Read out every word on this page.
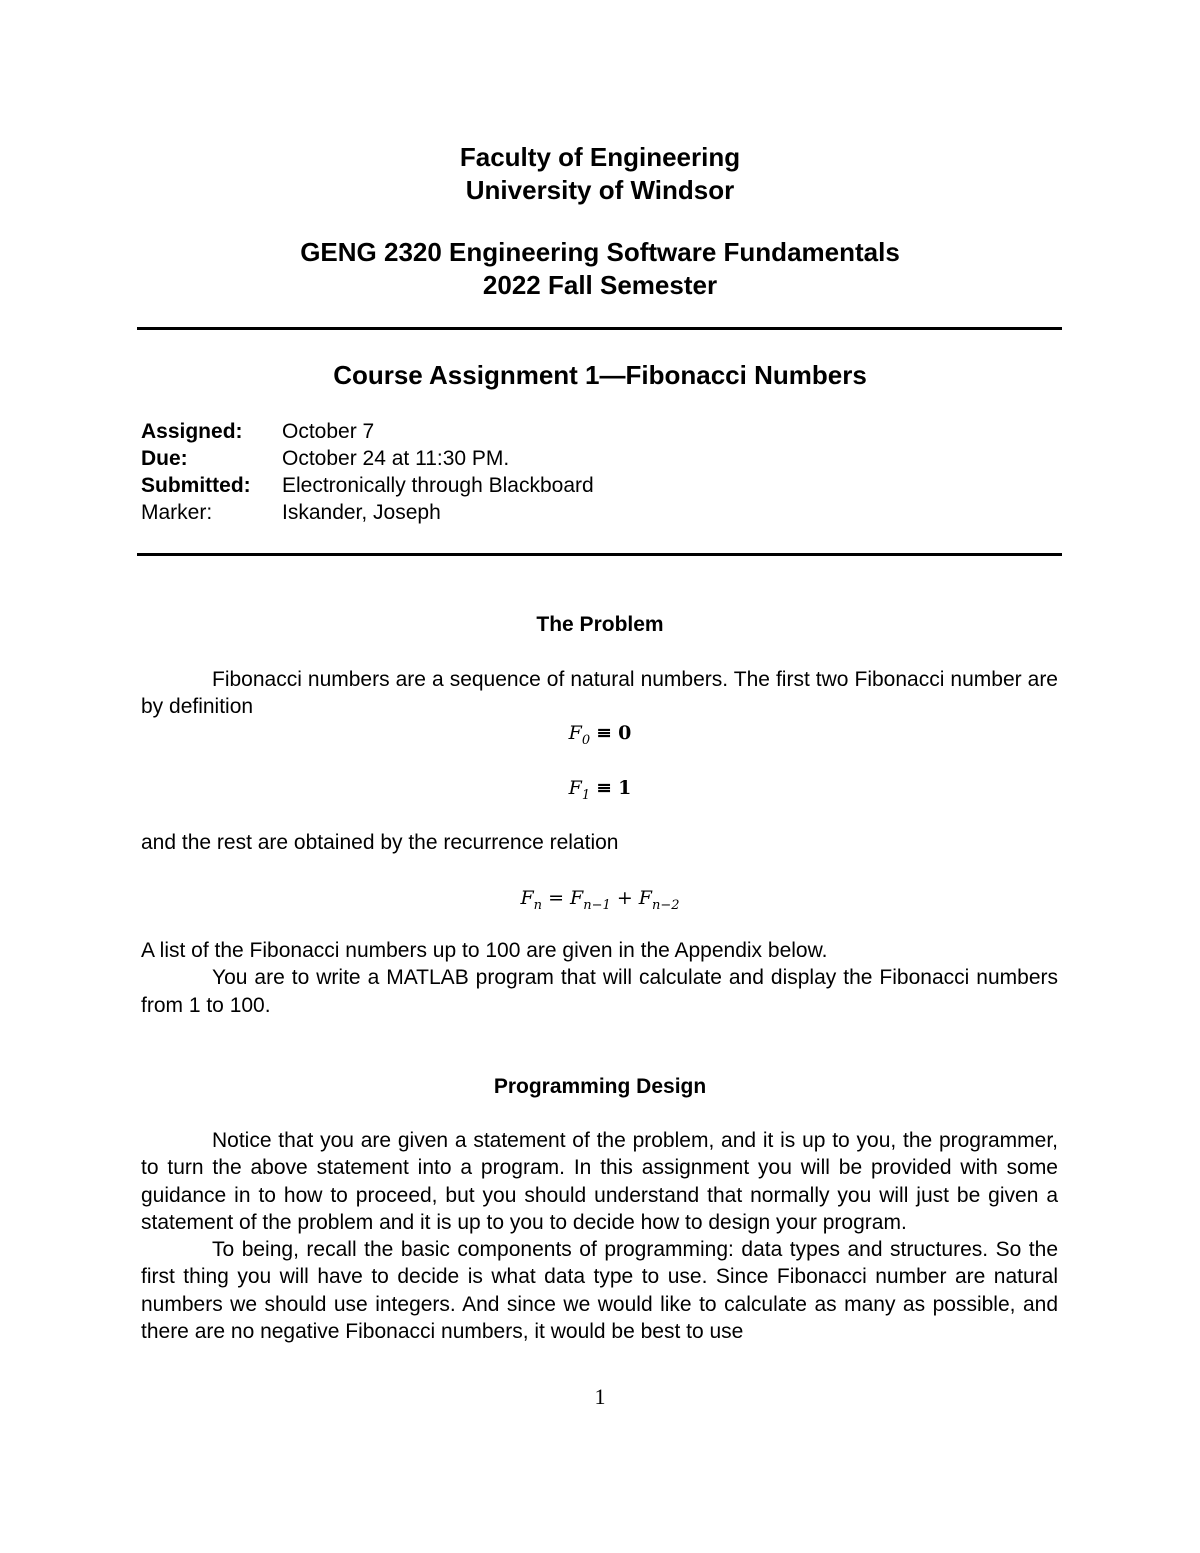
Faculty of Engineering
University of Windsor
GENG 2320 Engineering Software Fundamentals
2022 Fall Semester
Course Assignment 1—Fibonacci Numbers
Assigned:	October 7
Due:	October 24 at 11:30 PM.
Submitted:	Electronically through Blackboard
Marker:	Iskander, Joseph
The Problem

Fibonacci numbers are a sequence of natural numbers. The first two Fibonacci number are by definition

$F_0 \equiv 0$
$F_1 \equiv 1$

and the rest are obtained by the recurrence relation

$F_n = F_{n-1} + F_{n-2}$

A list of the Fibonacci numbers up to 100 are given in the Appendix below.

You are to write a MATLAB program that will calculate and display the Fibonacci numbers from 1 to 100.

Programming Design

Notice that you are given a statement of the problem, and it is up to you, the programmer, to turn the above statement into a program. In this assignment you will be provided with some guidance in to how to proceed, but you should understand that normally you will just be given a statement of the problem and it is up to you to decide how to design your program.

To being, recall the basic components of programming: data types and structures. So the first thing you will have to decide is what data type to use. Since Fibonacci number are natural numbers we should use integers. And since we would like to calculate as many as possible, and there are no negative Fibonacci numbers, it would be best to use

1
